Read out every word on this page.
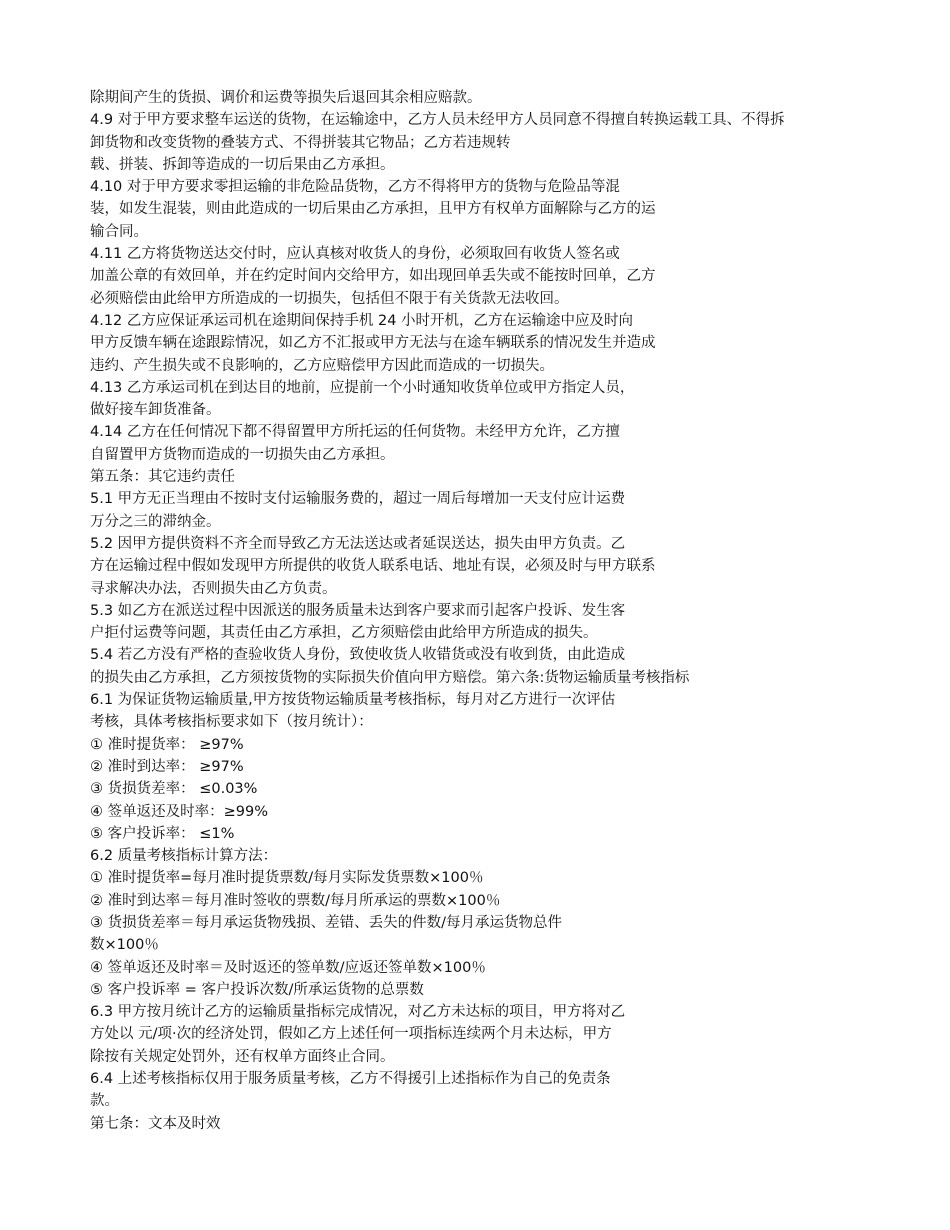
除期间产生的货损、调价和运费等损失后退回其余相应赔款。
4.9 对于甲方要求整车运送的货物，在运输途中，乙方人员未经甲方人员同意不得擅自转换运载工具、不得拆
卸货物和改变货物的叠装方式、不得拼装其它物品；乙方若违规转
载、拼装、拆卸等造成的一切后果由乙方承担。
4.10 对于甲方要求零担运输的非危险品货物，乙方不得将甲方的货物与危险品等混
装，如发生混装，则由此造成的一切后果由乙方承担，且甲方有权单方面解除与乙方的运
输合同。
4.11 乙方将货物送达交付时，应认真核对收货人的身份，必须取回有收货人签名或
加盖公章的有效回单，并在约定时间内交给甲方，如出现回单丢失或不能按时回单，乙方
必须赔偿由此给甲方所造成的一切损失，包括但不限于有关货款无法收回。
4.12 乙方应保证承运司机在途期间保持手机 24 小时开机，乙方在运输途中应及时向
甲方反馈车辆在途跟踪情况，如乙方不汇报或甲方无法与在途车辆联系的情况发生并造成
违约、产生损失或不良影响的，乙方应赔偿甲方因此而造成的一切损失。
4.13 乙方承运司机在到达目的地前，应提前一个小时通知收货单位或甲方指定人员，
做好接车卸货准备。
4.14 乙方在任何情况下都不得留置甲方所托运的任何货物。未经甲方允许，乙方擅
自留置甲方货物而造成的一切损失由乙方承担。
第五条：其它违约责任
5.1 甲方无正当理由不按时支付运输服务费的，超过一周后每增加一天支付应计运费
万分之三的滞纳金。
5.2 因甲方提供资料不齐全而导致乙方无法送达或者延误送达，损失由甲方负责。乙
方在运输过程中假如发现甲方所提供的收货人联系电话、地址有误，必须及时与甲方联系
寻求解决办法，否则损失由乙方负责。
5.3 如乙方在派送过程中因派送的服务质量未达到客户要求而引起客户投诉、发生客
户拒付运费等问题，其责任由乙方承担，乙方须赔偿由此给甲方所造成的损失。
5.4 若乙方没有严格的查验收货人身份，致使收货人收错货或没有收到货，由此造成
的损失由乙方承担，乙方须按货物的实际损失价值向甲方赔偿。第六条:货物运输质量考核指标
6.1 为保证货物运输质量,甲方按货物运输质量考核指标，每月对乙方进行一次评估
考核，具体考核指标要求如下（按月统计）：
① 准时提货率： ≥97%
② 准时到达率： ≥97%
③ 货损货差率： ≤0.03%
④ 签单返还及时率：≥99%
⑤ 客户投诉率： ≤1%
6.2 质量考核指标计算方法：
① 准时提货率=每月准时提货票数/每月实际发货票数×100％
② 准时到达率＝每月准时签收的票数/每月所承运的票数×100％
③ 货损货差率＝每月承运货物残损、差错、丢失的件数/每月承运货物总件
数×100％
④ 签单返还及时率＝及时返还的签单数/应返还签单数×100％
⑤ 客户投诉率 = 客户投诉次数/所承运货物的总票数
6.3 甲方按月统计乙方的运输质量指标完成情况，对乙方未达标的项目，甲方将对乙
方处以 元/项·次的经济处罚，假如乙方上述任何一项指标连续两个月未达标，甲方
除按有关规定处罚外，还有权单方面终止合同。
6.4 上述考核指标仅用于服务质量考核，乙方不得援引上述指标作为自己的免责条
款。
第七条：文本及时效
